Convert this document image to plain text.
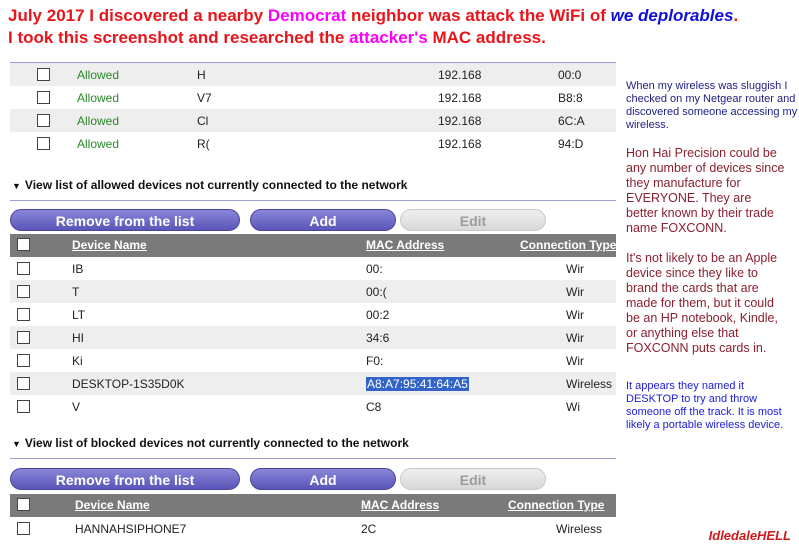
July 2017 I discovered a nearby Democrat neighbor was attack the WiFi of we deplorables.
I took this screenshot and researched the attacker's MAC address.
Allowed	H	192.168	00:0
Allowed	V7	192.168	B8:8
Allowed	Cl	192.168	6C:A
Allowed	R(	192.168	94:D
▼ View list of allowed devices not currently connected to the network
Remove from the list	Add	Edit
Device Name	MAC Address	Connection Type
IB	00:	Wir
T	00:(	Wir
LT	00:2	Wir
HI	34:6	Wir
Ki	F0:	Wir
DESKTOP-1S35D0K	A8:A7:95:41:64:A5	Wireless
V	C8	Wi
▼ View list of blocked devices not currently connected to the network
Remove from the list	Add	Edit
Device Name	MAC Address	Connection Type
HANNAHSIPHONE7	2C	Wireless
When my wireless was sluggish I checked on my Netgear router and discovered someone accessing my wireless.
Hon Hai Precision could be any number of devices since they manufacture for EVERYONE. They are better known by their trade name FOXCONN.
It's not likely to be an Apple device since they like to brand the cards that are made for them, but it could be an HP notebook, Kindle, or anything else that FOXCONN puts cards in.
It appears they named it DESKTOP to try and throw someone off the track. It is most likely a portable wireless device.
IdledaleHELL
